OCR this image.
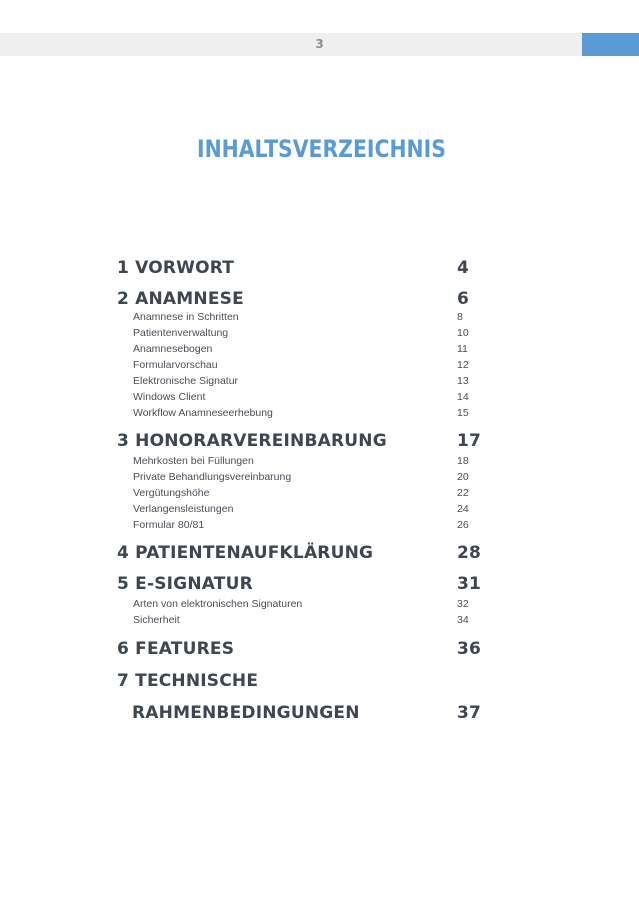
3
INHALTSVERZEICHNIS
1 VORWORT	4
2 ANAMNESE	6
Anamnese in Schritten	8
Patientenverwaltung	10
Anamnesebogen	11
Formularvorschau	12
Elektronische Signatur	13
Windows Client	14
Workflow Anamneseerhebung	15
3 HONORARVEREINBARUNG	17
Mehrkosten bei Füllungen	18
Private Behandlungsvereinbarung	20
Vergütungshöhe	22
Verlangensleistungen	24
Formular 80/81	26
4 PATIENTENAUFKLÄRUNG	28
5 E-SIGNATUR	31
Arten von elektronischen Signaturen	32
Sicherheit	34
6 FEATURES	36
7 TECHNISCHE
RAHMENBEDINGUNGEN	37
